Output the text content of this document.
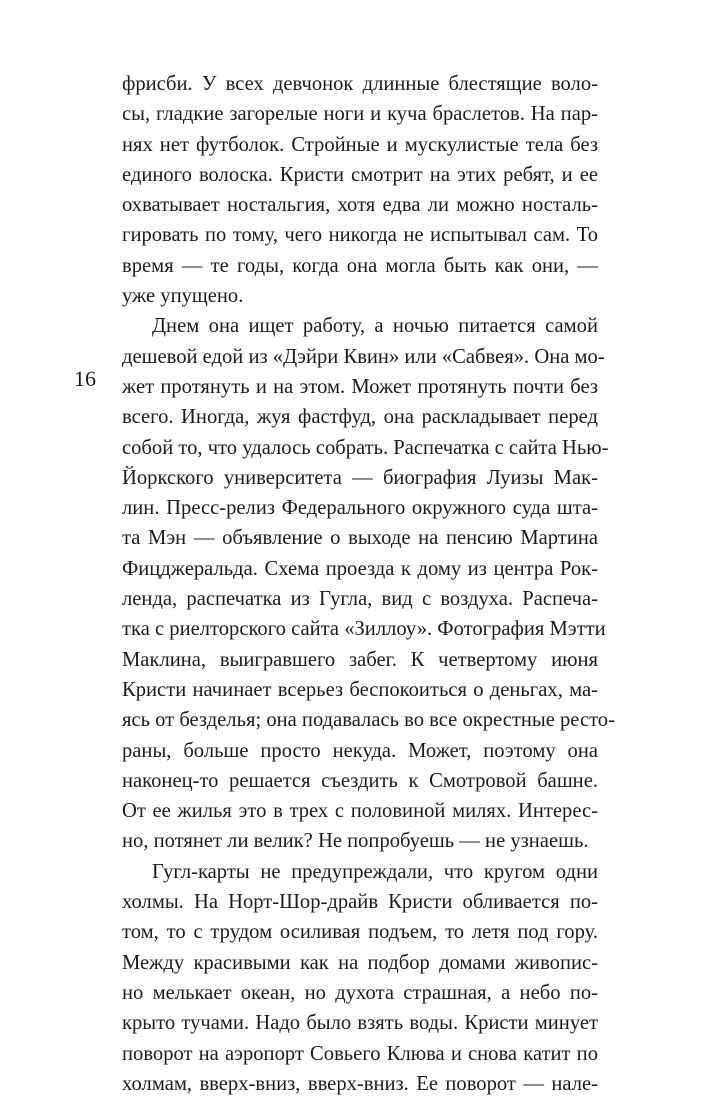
16
фрисби. У всех девчонок длинные блестящие воло-
сы, гладкие загорелые ноги и куча браслетов. На пар-
нях нет футболок. Стройные и мускулистые тела без
единого волоска. Кристи смотрит на этих ребят, и ее
охватывает ностальгия, хотя едва ли можно носталь-
гировать по тому, чего никогда не испытывал сам. То
время — те годы, когда она могла быть как они, —
уже упущено.
Днем она ищет работу, а ночью питается самой
дешевой едой из «Дэйри Квин» или «Сабвея». Она мо-
жет протянуть и на этом. Может протянуть почти без
всего. Иногда, жуя фастфуд, она раскладывает перед
собой то, что удалось собрать. Распечатка с сайта Нью-
Йоркского университета — биография Луизы Мак-
лин. Пресс-релиз Федерального окружного суда шта-
та Мэн — объявление о выходе на пенсию Мартина
Фицджеральда. Схема проезда к дому из центра Рок-
ленда, распечатка из Гугла, вид с воздуха. Распеча-
тка с риелторского сайта «Зиллоу». Фотография Мэтти
Маклина, выигравшего забег. К четвертому июня
Кристи начинает всерьез беспокоиться о деньгах, ма-
ясь от безделья; она подавалась во все окрестные ресто-
раны, больше просто некуда. Может, поэтому она
наконец-то решается съездить к Смотровой башне.
От ее жилья это в трех с половиной милях. Интерес-
но, потянет ли велик? Не попробуешь — не узнаешь.
Гугл-карты не предупреждали, что кругом одни
холмы. На Норт-Шор-драйв Кристи обливается по-
том, то с трудом осиливая подъем, то летя под гору.
Между красивыми как на подбор домами живопис-
но мелькает океан, но духота страшная, а небо по-
крыто тучами. Надо было взять воды. Кристи минует
поворот на аэропорт Совьего Клюва и снова катит по
холмам, вверх-вниз, вверх-вниз. Ее поворот — нале-
